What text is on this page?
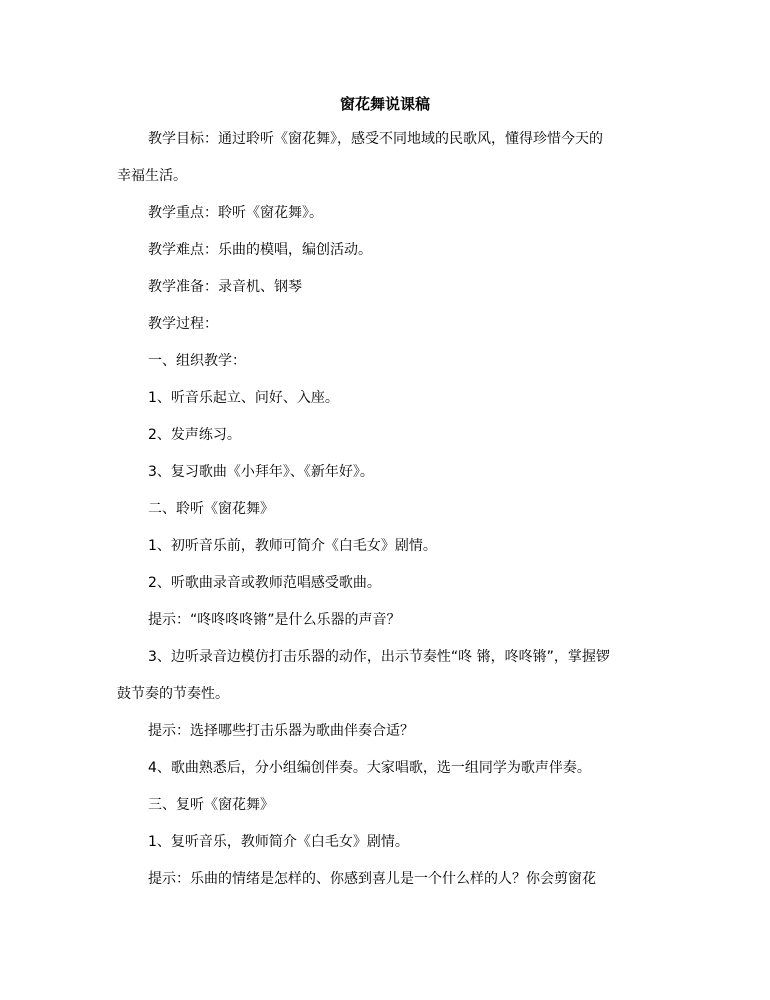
窗花舞说课稿
教学目标：通过聆听《窗花舞》，感受不同地域的民歌风，懂得珍惜今天的
幸福生活。
教学重点：聆听《窗花舞》。
教学难点：乐曲的模唱，编创活动。
教学准备：录音机、钢琴
教学过程：
一、组织教学：
1、听音乐起立、问好、入座。
2、发声练习。
3、复习歌曲《小拜年》、《新年好》。
二、聆听《窗花舞》
1、初听音乐前，教师可简介《白毛女》剧情。
2、听歌曲录音或教师范唱感受歌曲。
提示：“咚咚咚咚锵”是什么乐器的声音？
3、边听录音边模仿打击乐器的动作，出示节奏性“咚 锵，咚咚锵”，掌握锣
鼓节奏的节奏性。
提示：选择哪些打击乐器为歌曲伴奏合适？
4、歌曲熟悉后，分小组编创伴奏。大家唱歌，选一组同学为歌声伴奏。
三、复听《窗花舞》
1、复听音乐，教师简介《白毛女》剧情。
提示：乐曲的情绪是怎样的、你感到喜儿是一个什么样的人？你会剪窗花
